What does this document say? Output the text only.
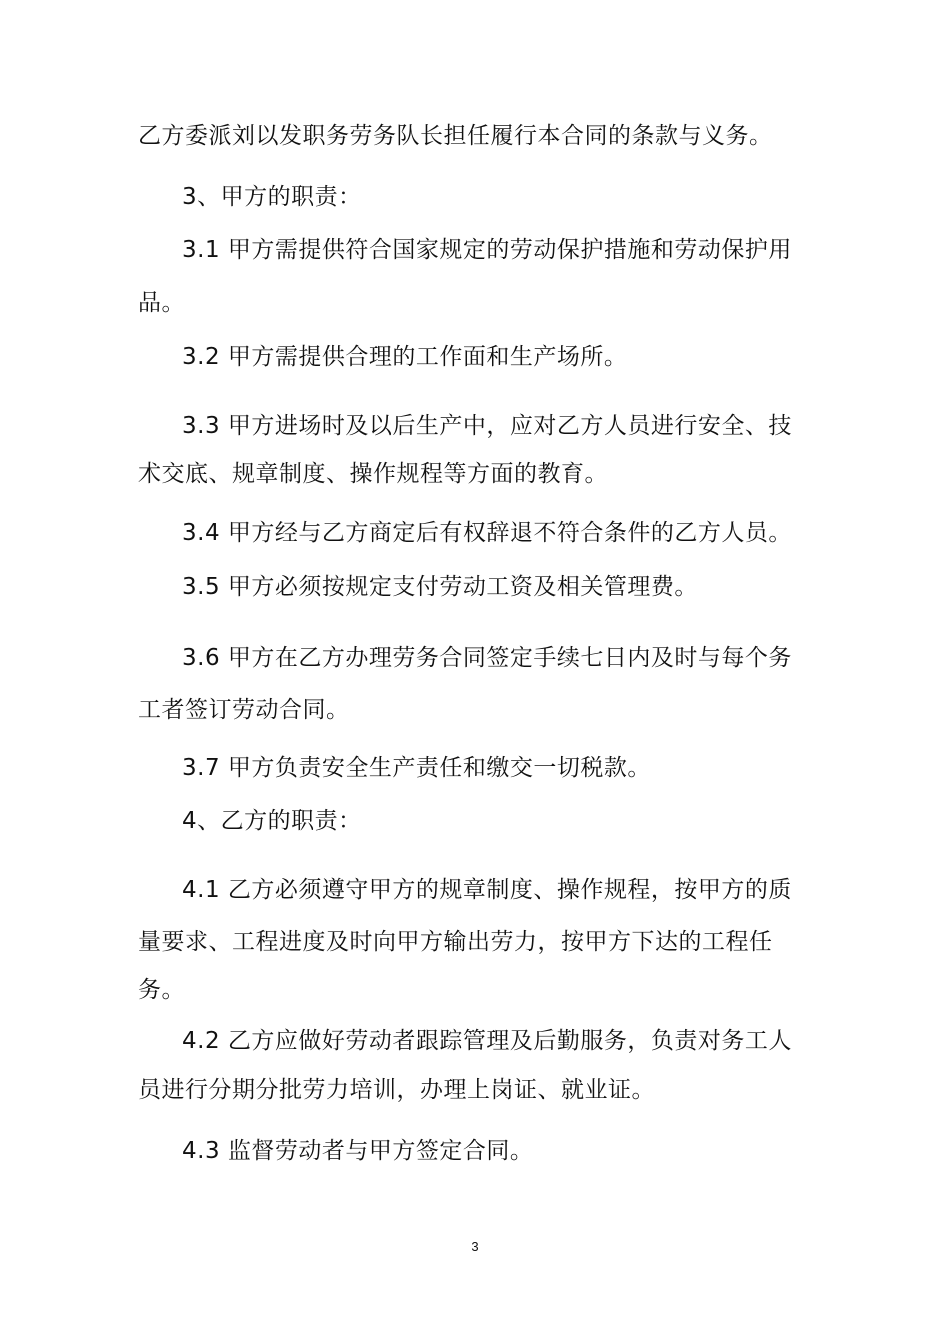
乙方委派刘以发职务劳务队长担任履行本合同的条款与义务。
3、甲方的职责：
3.1 甲方需提供符合国家规定的劳动保护措施和劳动保护用
品。
3.2 甲方需提供合理的工作面和生产场所。
3.3 甲方进场时及以后生产中，应对乙方人员进行安全、技
术交底、规章制度、操作规程等方面的教育。
3.4 甲方经与乙方商定后有权辞退不符合条件的乙方人员。
3.5 甲方必须按规定支付劳动工资及相关管理费。
3.6 甲方在乙方办理劳务合同签定手续七日内及时与每个务
工者签订劳动合同。
3.7 甲方负责安全生产责任和缴交一切税款。
4、乙方的职责：
4.1 乙方必须遵守甲方的规章制度、操作规程，按甲方的质
量要求、工程进度及时向甲方输出劳力，按甲方下达的工程任
务。
4.2 乙方应做好劳动者跟踪管理及后勤服务，负责对务工人
员进行分期分批劳力培训，办理上岗证、就业证。
4.3 监督劳动者与甲方签定合同。
3
